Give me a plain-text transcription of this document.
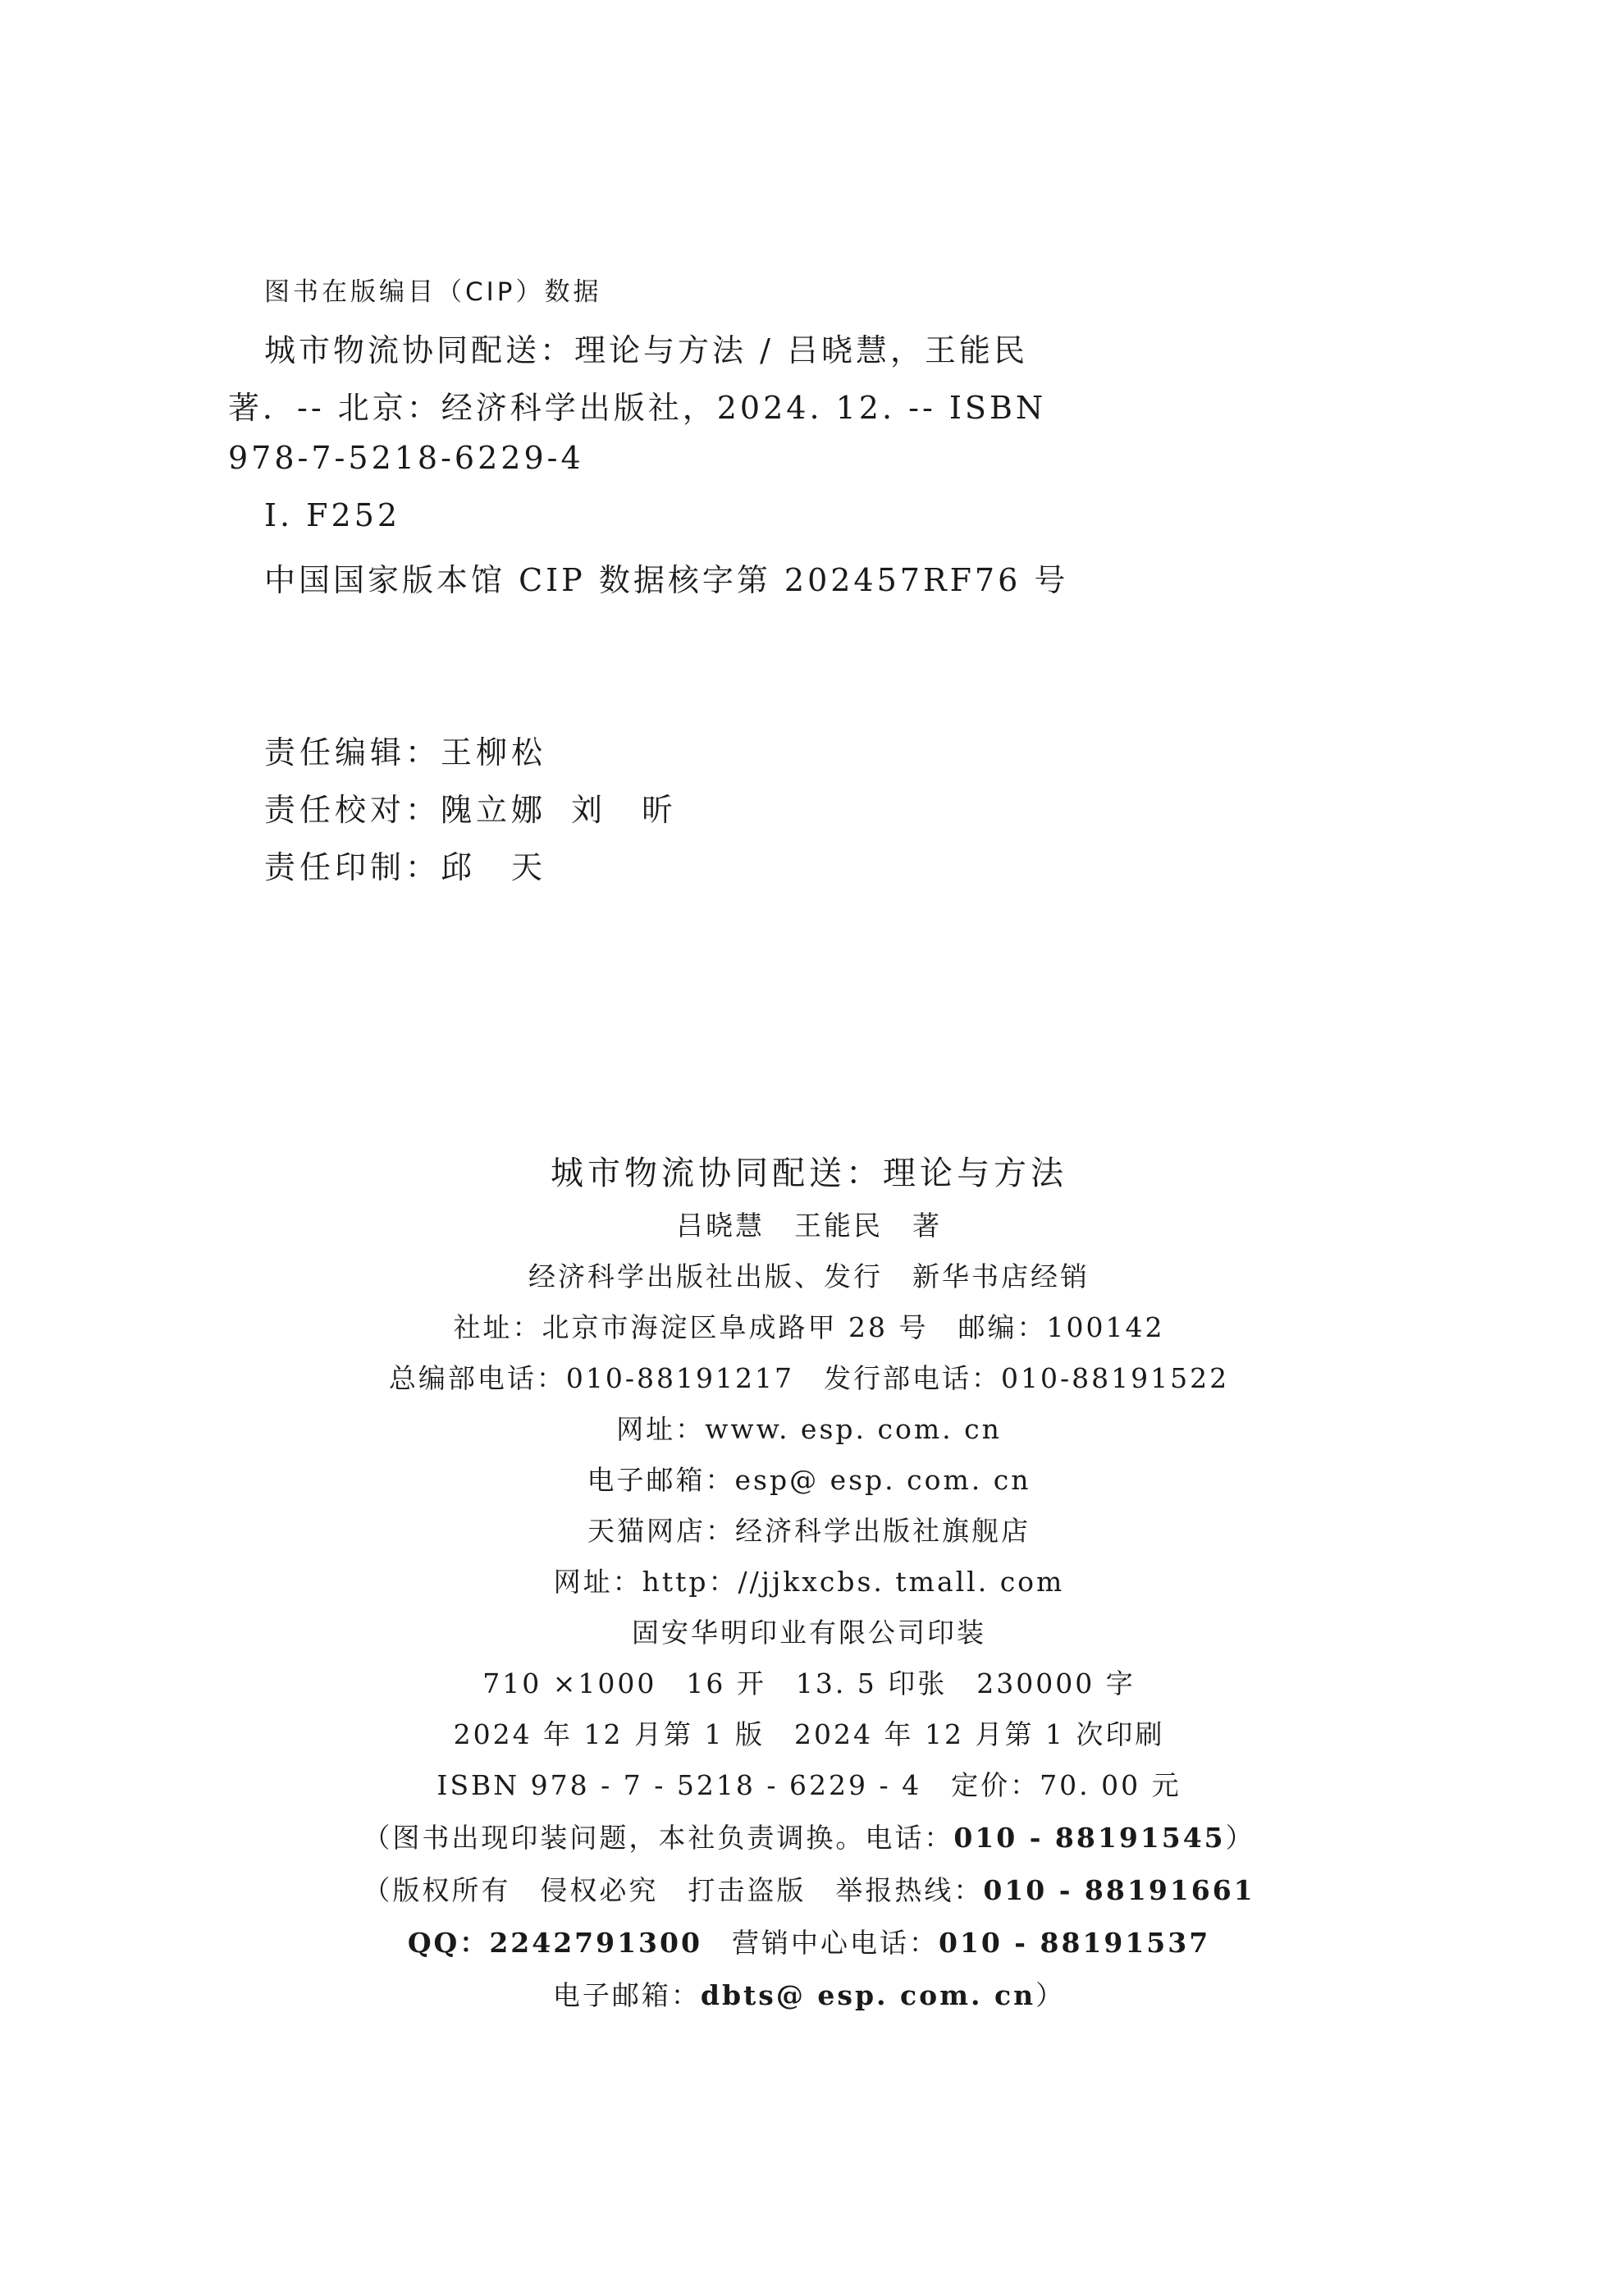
图书在版编目（CIP）数据
城市物流协同配送：理论与方法 / 吕晓慧，王能民
著．-- 北京：经济科学出版社，2024. 12. -- ISBN
978-7-5218-6229-4
Ⅰ. F252
中国国家版本馆 CIP 数据核字第 202457RF76 号
责任编辑：王柳松
责任校对：隗立娜 刘　昕
责任印制：邱　天
城市物流协同配送：理论与方法
吕晓慧　王能民　著
经济科学出版社出版、发行　新华书店经销
社址：北京市海淀区阜成路甲 28 号　邮编：100142
总编部电话：010-88191217　发行部电话：010-88191522
网址：www. esp. com. cn
电子邮箱：esp@ esp. com. cn
天猫网店：经济科学出版社旗舰店
网址：http：//jjkxcbs. tmall. com
固安华明印业有限公司印装
710 ×1000　16 开　13. 5 印张　230000 字
2024 年 12 月第 1 版　2024 年 12 月第 1 次印刷
ISBN 978 - 7 - 5218 - 6229 - 4　定价：70. 00 元
（图书出现印装问题，本社负责调换。电话：010 - 88191545）
（版权所有　侵权必究　打击盗版　举报热线：010 - 88191661
QQ：2242791300　营销中心电话：010 - 88191537
电子邮箱：dbts@ esp. com. cn）
